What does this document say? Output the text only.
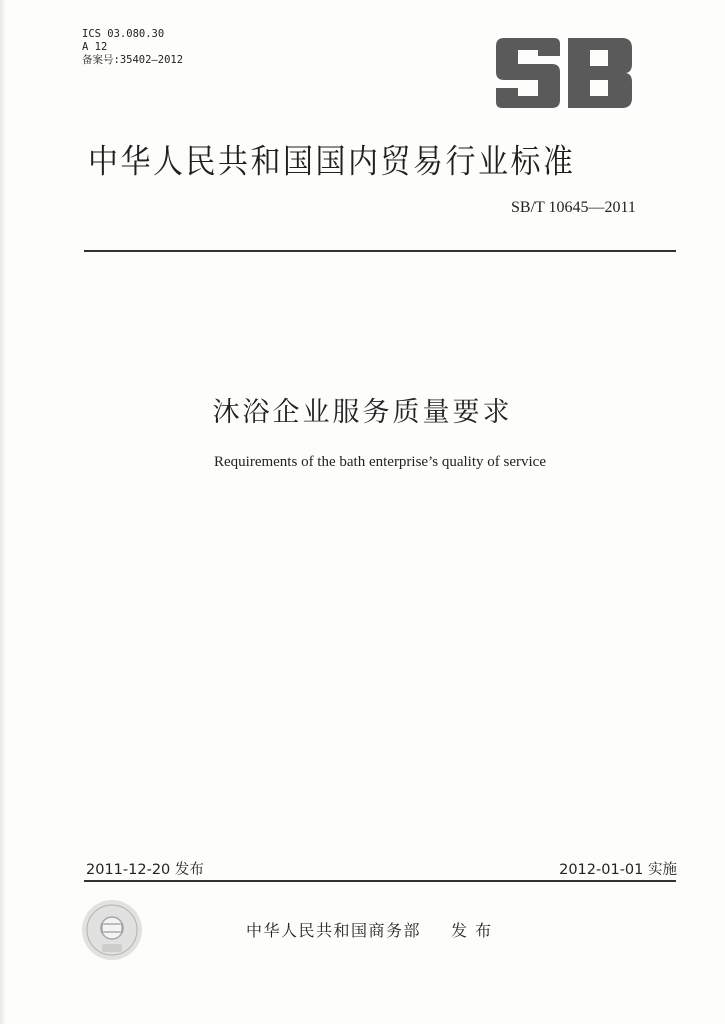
ICS 03.080.30
A 12
备案号:35402—2012
中华人民共和国国内贸易行业标准
SB/T 10645—2011
沐浴企业服务质量要求
Requirements of the bath enterprise’s quality of service
2011-12-20 发布	2012-01-01 实施
中华人民共和国商务部 发 布
